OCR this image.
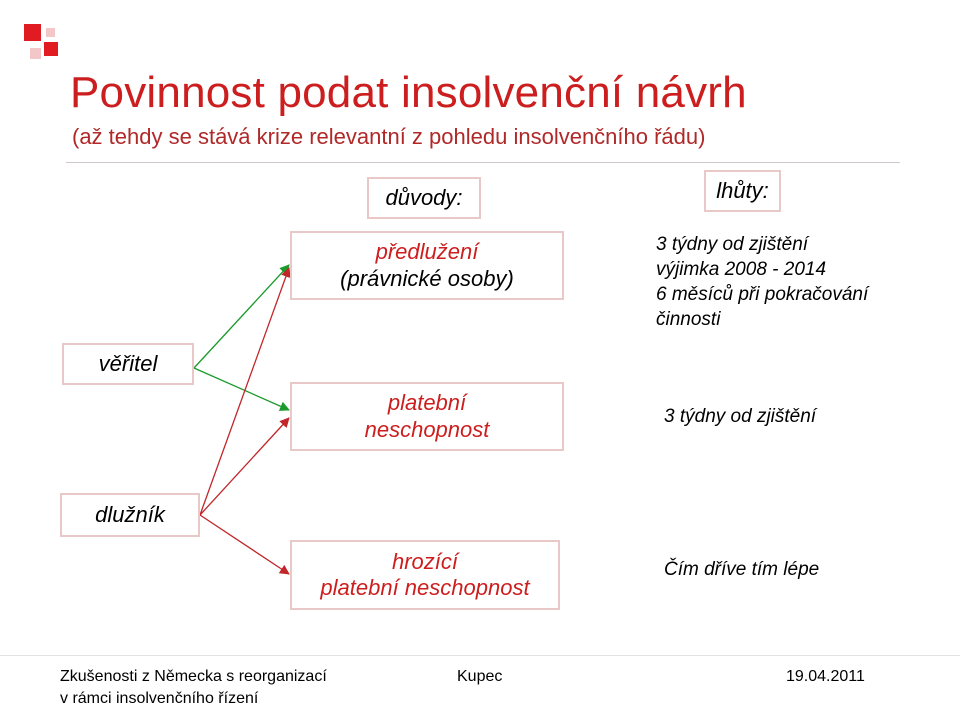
Povinnost podat insolvenční návrh
(až tehdy se stává krize relevantní z pohledu insolvenčního řádu)
důvody:	lhůty:
věřitel
dlužník
předlužení
(právnické osoby)
platební
neschopnost
hrozící
platební neschopnost
3 týdny od zjištění
výjimka 2008 - 2014
6 měsíců při pokračování
činnosti
3 týdny od zjištění
Čím dříve tím lépe
Zkušenosti z Německa s reorganizací
v rámci insolvenčního řízení
Kupec	19.04.2011
